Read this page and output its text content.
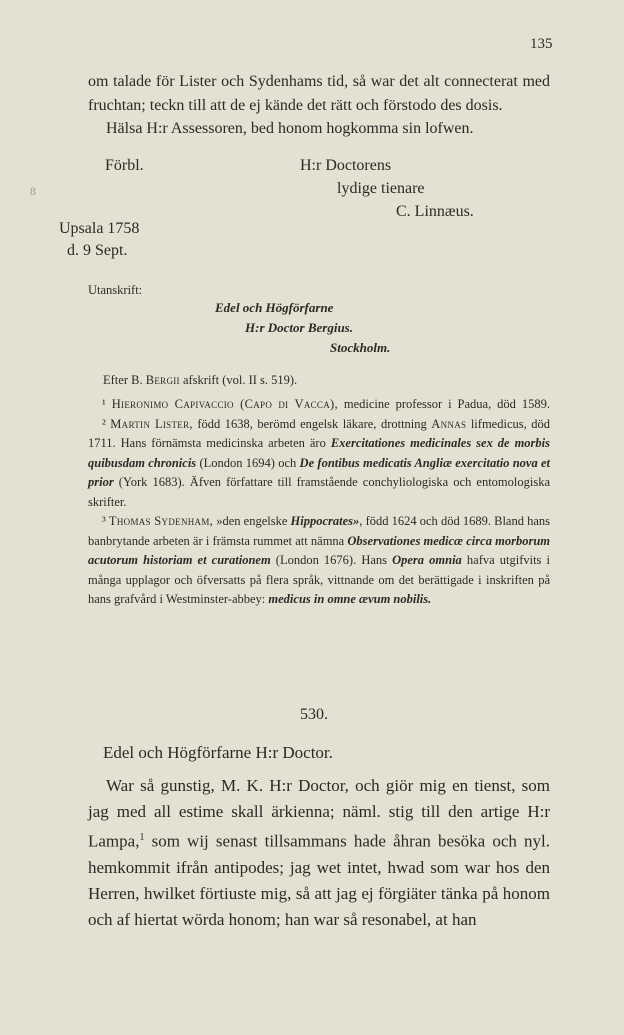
135
8

om talade för Lister och Sydenhams tid, så war det alt connecterat med fruchtan; teckn till att de ej kände det rätt och förstodo des dosis.

Hälsa H:r Assessoren, bed honom hogkomma sin lofwen.

Förbl.	H:r Doctorens
lydige tienare
C. Linnæus.
Upsala 1758
d. 9 Sept.
Utanskrift:
Edel och Högförfarne
H:r Doctor Bergius.
Stockholm.
Efter B. Bergii afskrift (vol. II s. 519).

¹ Hieronimo Capivaccio (Capo di Vacca), medicine professor i Padua, död 1589.

² Martin Lister, född 1638, berömd engelsk läkare, drottning Annas lifmedicus, död 1711. Hans förnämsta medicinska arbeten äro Exercitationes medicinales sex de morbis quibusdam chronicis (London 1694) och De fontibus medicatis Angliæ exercitatio nova et prior (York 1683). Äfven författare till framstående conchyliologiska och entomologiska skrifter.

³ Thomas Sydenham, »den engelske Hippocrates», född 1624 och död 1689. Bland hans banbrytande arbeten är i främsta rummet att nämna Observationes medicæ circa morborum acutorum historiam et curationem (London 1676). Hans Opera omnia hafva utgifvits i många upplagor och öfversatts på flera språk, vittnande om det berättigade i inskriften på hans grafvård i Westminster-abbey: medicus in omne ævum nobilis.

530.
Edel och Högförfarne H:r Doctor.

War så gunstig, M. K. H:r Doctor, och giör mig en tienst, som jag med all estime skall ärkienna; näml. stig till den artige H:r Lampa,$^1$ som wij senast tillsammans hade åhran besöka och nyl. hemkommit ifrån antipodes; jag wet intet, hwad som war hos den Herren, hwilket förtiuste mig, så att jag ej förgiäter tänka på honom och af hiertat wörda honom; han war så resonabel, at han
